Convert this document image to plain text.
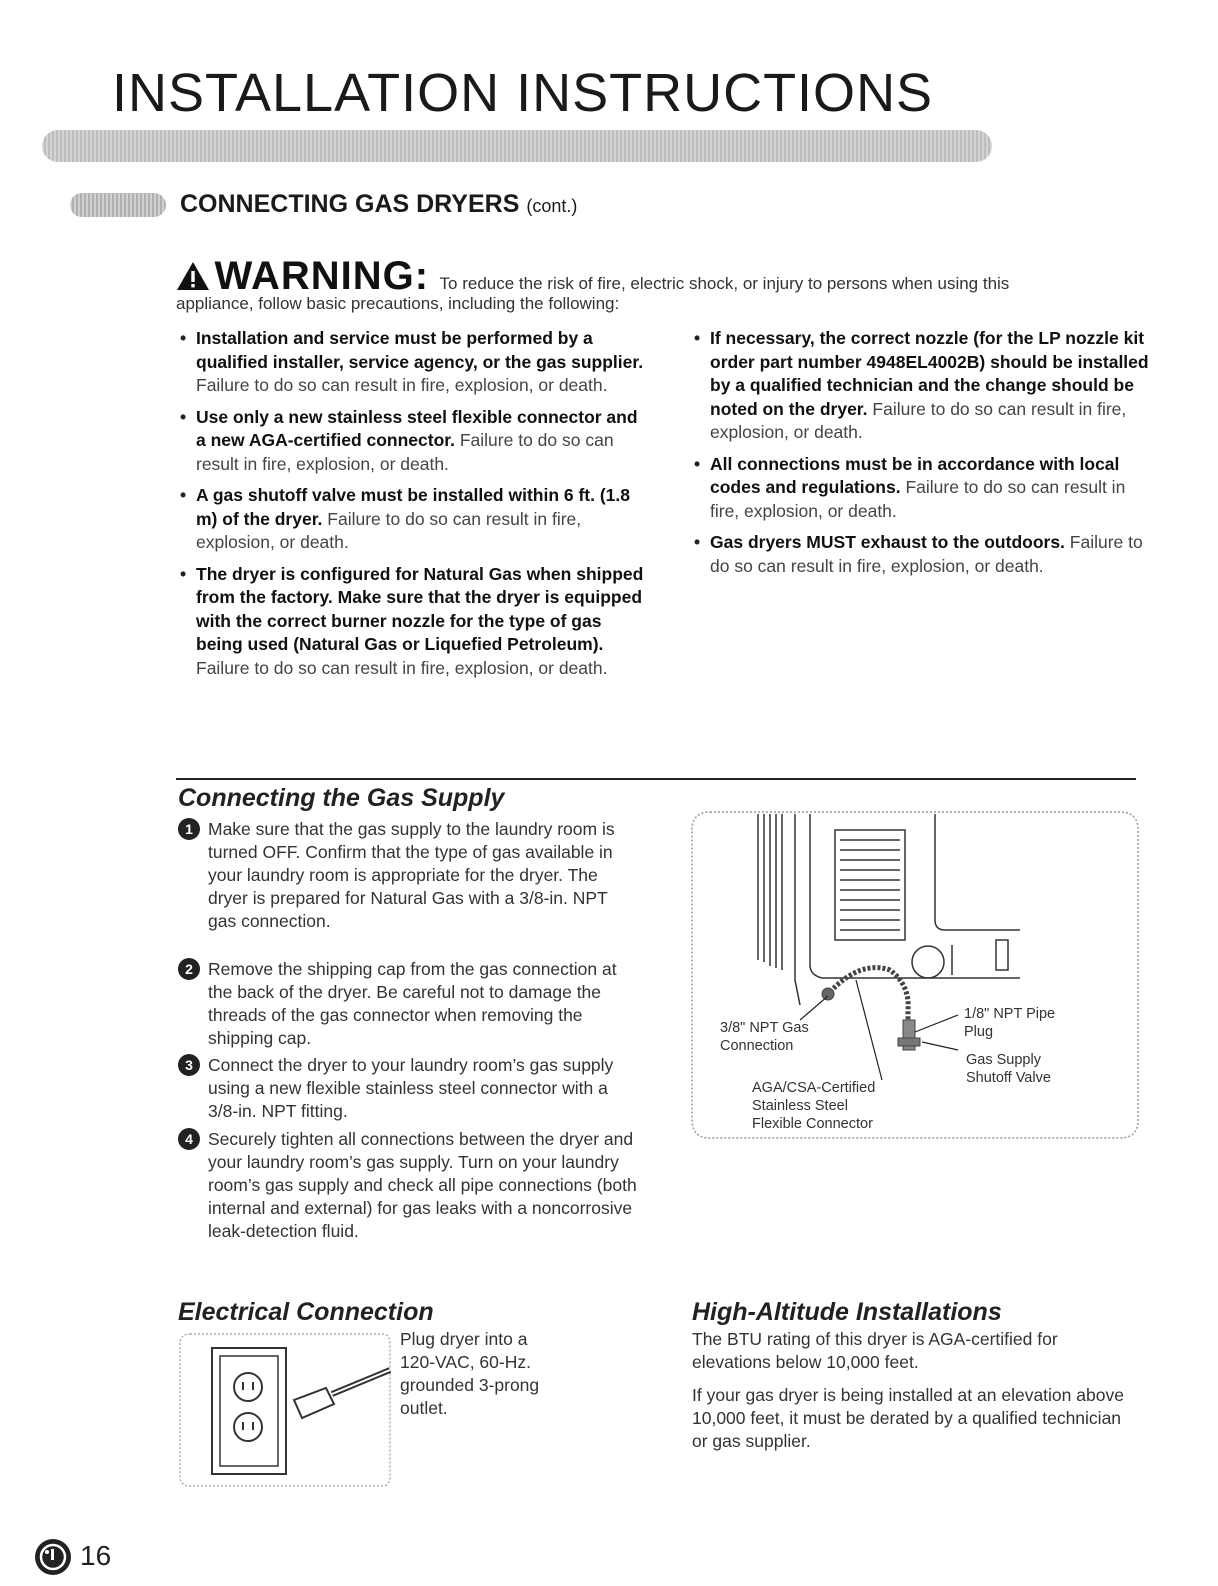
INSTALLATION INSTRUCTIONS
CONNECTING GAS DRYERS (cont.)
WARNING: To reduce the risk of fire, electric shock, or injury to persons when using this
appliance, follow basic precautions, including the following:
• Installation and service must be performed by a qualified installer, service agency, or the gas supplier. Failure to do so can result in fire, explosion, or death.
• Use only a new stainless steel flexible connector and a new AGA-certified connector. Failure to do so can result in fire, explosion, or death.
• A gas shutoff valve must be installed within 6 ft. (1.8 m) of the dryer. Failure to do so can result in fire, explosion, or death.
• The dryer is configured for Natural Gas when shipped from the factory. Make sure that the dryer is equipped with the correct burner nozzle for the type of gas being used (Natural Gas or Liquefied Petroleum). Failure to do so can result in fire, explosion, or death.
• If necessary, the correct nozzle (for the LP nozzle kit order part number 4948EL4002B) should be installed by a qualified technician and the change should be noted on the dryer. Failure to do so can result in fire, explosion, or death.
• All connections must be in accordance with local codes and regulations. Failure to do so can result in fire, explosion, or death.
• Gas dryers MUST exhaust to the outdoors. Failure to do so can result in fire, explosion, or death.
Connecting the Gas Supply
1 Make sure that the gas supply to the laundry room is turned OFF. Confirm that the type of gas available in your laundry room is appropriate for the dryer. The dryer is prepared for Natural Gas with a 3/8-in. NPT gas connection.
2 Remove the shipping cap from the gas connection at the back of the dryer. Be careful not to damage the threads of the gas connector when removing the shipping cap.
3 Connect the dryer to your laundry room’s gas supply using a new flexible stainless steel connector with a 3/8-in. NPT fitting.
4 Securely tighten all connections between the dryer and your laundry room’s gas supply. Turn on your laundry room’s gas supply and check all pipe connections (both internal and external) for gas leaks with a noncorrosive leak-detection fluid.
3/8" NPT Gas
Connection
1/8" NPT Pipe
Plug
Gas Supply
Shutoff Valve
AGA/CSA-Certified
Stainless Steel
Flexible Connector
Electrical Connection
Plug dryer into a
120-VAC, 60-Hz.
grounded 3-prong
outlet.
High-Altitude Installations
The BTU rating of this dryer is AGA-certified for elevations below 10,000 feet.
If your gas dryer is being installed at an elevation above 10,000 feet, it must be derated by a qualified technician or gas supplier.
16
